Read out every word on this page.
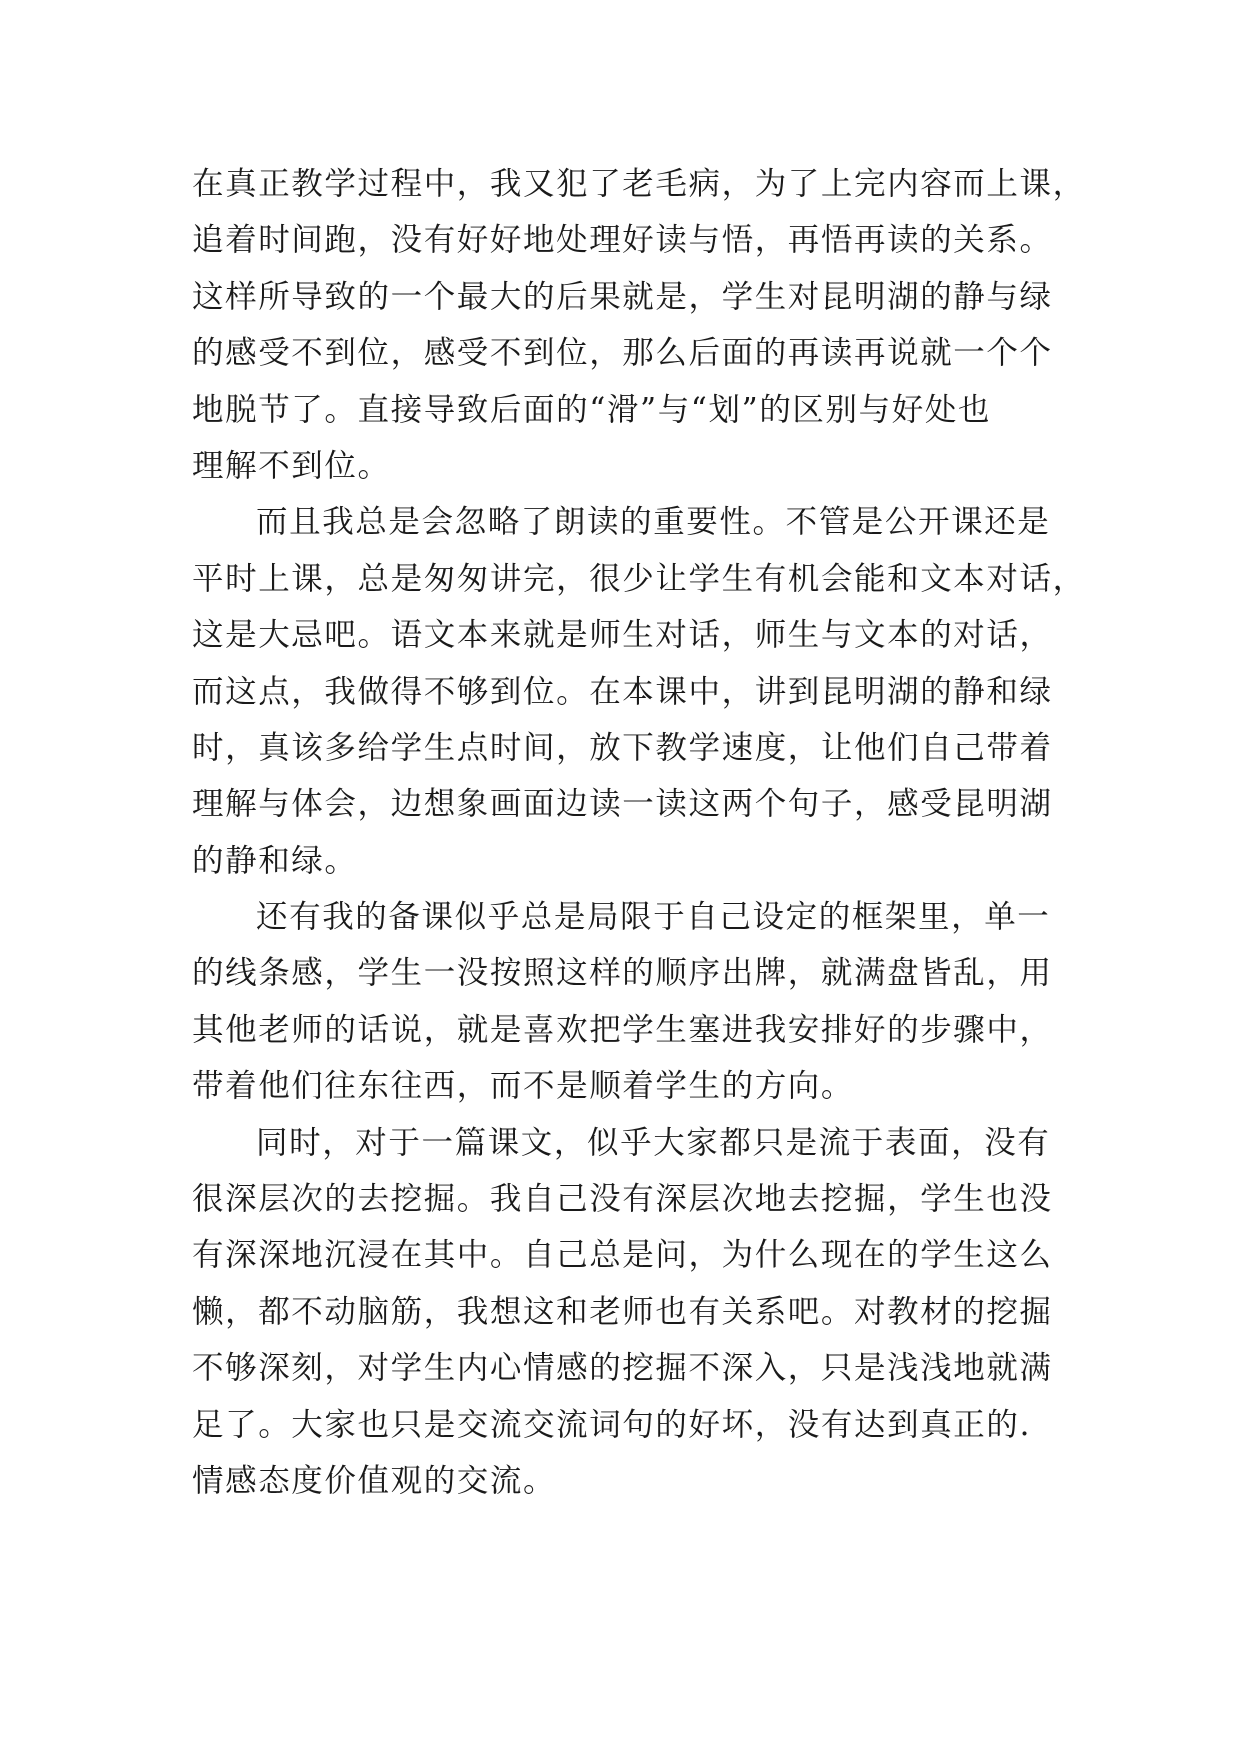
在真正教学过程中，我又犯了老毛病，为了上完内容而上课，
追着时间跑，没有好好地处理好读与悟，再悟再读的关系。
这样所导致的一个最大的后果就是，学生对昆明湖的静与绿
的感受不到位，感受不到位，那么后面的再读再说就一个个
地脱节了。直接导致后面的“滑”与“划”的区别与好处也
理解不到位。
而且我总是会忽略了朗读的重要性。不管是公开课还是
平时上课，总是匆匆讲完，很少让学生有机会能和文本对话，
这是大忌吧。语文本来就是师生对话，师生与文本的对话，
而这点，我做得不够到位。在本课中，讲到昆明湖的静和绿
时，真该多给学生点时间，放下教学速度，让他们自己带着
理解与体会，边想象画面边读一读这两个句子，感受昆明湖
的静和绿。
还有我的备课似乎总是局限于自己设定的框架里，单一
的线条感，学生一没按照这样的顺序出牌，就满盘皆乱，用
其他老师的话说，就是喜欢把学生塞进我安排好的步骤中，
带着他们往东往西，而不是顺着学生的方向。
同时，对于一篇课文，似乎大家都只是流于表面，没有
很深层次的去挖掘。我自己没有深层次地去挖掘，学生也没
有深深地沉浸在其中。自己总是问，为什么现在的学生这么
懒，都不动脑筋，我想这和老师也有关系吧。对教材的挖掘
不够深刻，对学生内心情感的挖掘不深入，只是浅浅地就满
足了。大家也只是交流交流词句的好坏，没有达到真正的.
情感态度价值观的交流。
